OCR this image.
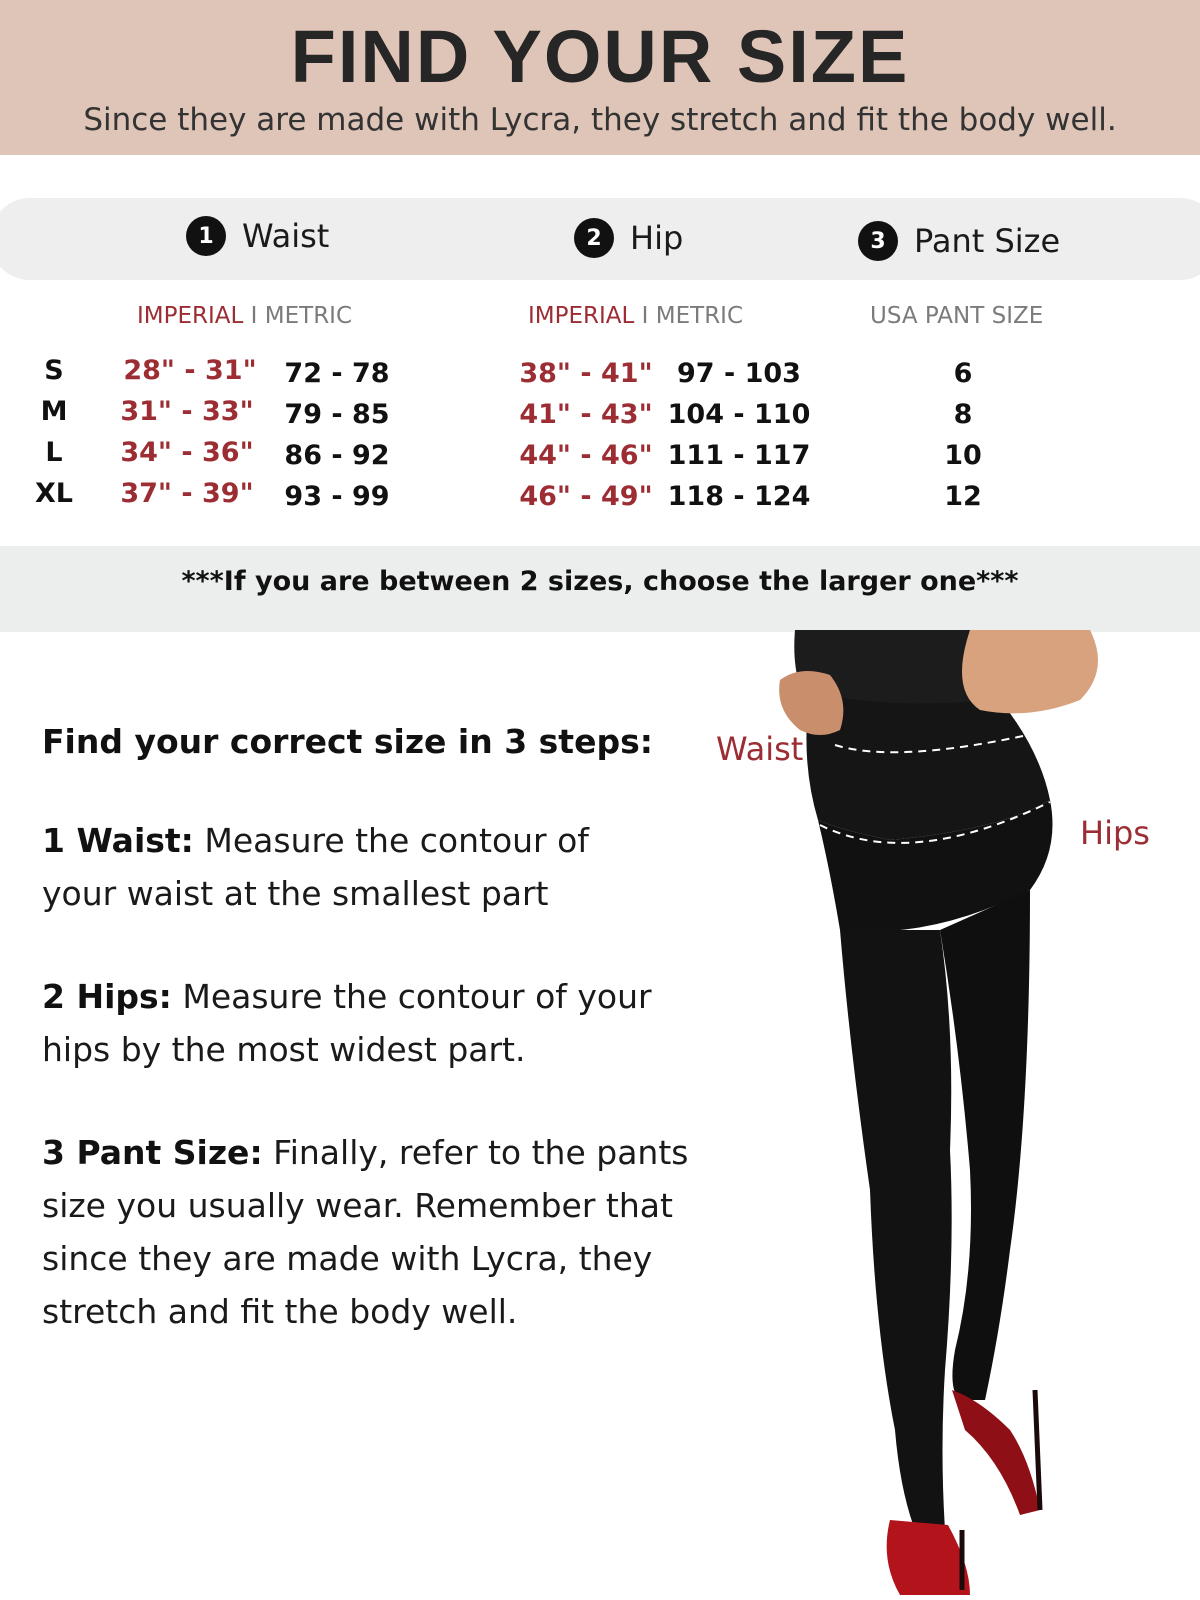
FIND YOUR SIZE
Since they are made with Lycra, they stretch and fit the body well.
1 Waist	2 Hip	3 Pant Size
IMPERIAL I METRIC	IMPERIAL I METRIC	USA PANT SIZE
S 28" - 31" 72 - 78	38" - 41" 97 - 103	6
M 31" - 33" 79 - 85	41" - 43" 104 - 110	8
L 34" - 36" 86 - 92	44" - 46" 111 - 117	10
XL 37" - 39" 93 - 99	46" - 49" 118 - 124	12
***If you are between 2 sizes, choose the larger one***
Find your correct size in 3 steps:
1 Waist: Measure the contour of your waist at the smallest part
2 Hips: Measure the contour of your hips by the most widest part.
3 Pant Size: Finally, refer to the pants size you usually wear. Remember that since they are made with Lycra, they stretch and fit the body well.
Waist
Hips
